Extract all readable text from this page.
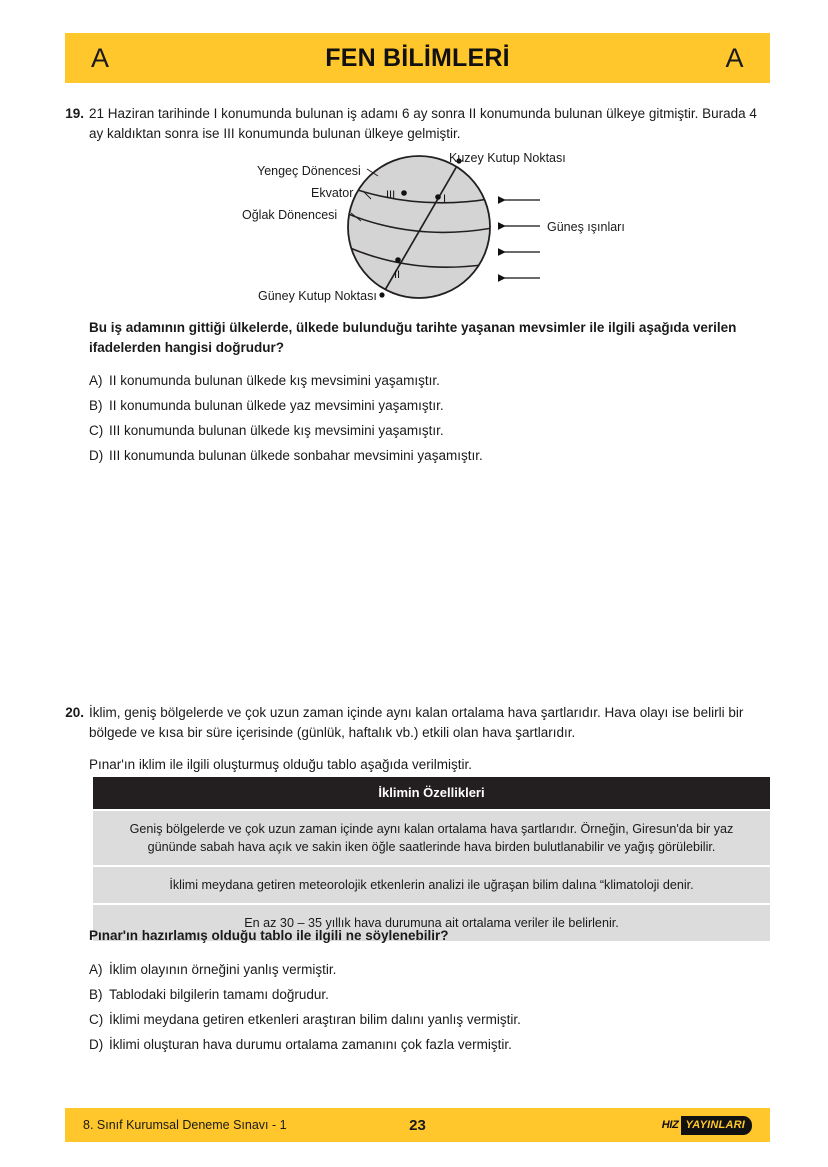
A	FEN BİLİMLERİ	A
19. 21 Haziran tarihinde I konumunda bulunan iş adamı 6 ay sonra II konumunda bulunan ülkeye gitmiştir. Burada 4 ay kaldıktan sonra ise III konumunda bulunan ülkeye gelmiştir.
I
II
III
Yengeç Dönencesi
Ekvator
Oğlak Dönencesi
Kuzey Kutup Noktası
Güney Kutup Noktası
Güneş ışınları
Bu iş adamının gittiği ülkelerde, ülkede bulunduğu tarihte yaşanan mevsimler ile ilgili aşağıda verilen ifadelerden hangisi doğrudur?
A) II konumunda bulunan ülkede kış mevsimini yaşamıştır.
B) II konumunda bulunan ülkede yaz mevsimini yaşamıştır.
C) III konumunda bulunan ülkede kış mevsimini yaşamıştır.
D) III konumunda bulunan ülkede sonbahar mevsimini yaşamıştır.
20. İklim, geniş bölgelerde ve çok uzun zaman içinde aynı kalan ortalama hava şartlarıdır. Hava olayı ise belirli bir bölgede ve kısa bir süre içerisinde (günlük, haftalık vb.) etkili olan hava şartlarıdır.
Pınar'ın iklim ile ilgili oluşturmuş olduğu tablo aşağıda verilmiştir.
İklimin Özellikleri
Geniş bölgelerde ve çok uzun zaman içinde aynı kalan ortalama hava şartlarıdır. Örneğin, Giresun'da bir yaz gününde sabah hava açık ve sakin iken öğle saatlerinde hava birden bulutlanabilir ve yağış görülebilir.
İklimi meydana getiren meteorolojik etkenlerin analizi ile uğraşan bilim dalına “klimatoloji denir.
En az 30 – 35 yıllık hava durumuna ait ortalama veriler ile belirlenir.
Pınar'ın hazırlamış olduğu tablo ile ilgili ne söylenebilir?
A) İklim olayının örneğini yanlış vermiştir.
B) Tablodaki bilgilerin tamamı doğrudur.
C) İklimi meydana getiren etkenleri araştıran bilim dalını yanlış vermiştir.
D) İklimi oluşturan hava durumu ortalama zamanını çok fazla vermiştir.
8. Sınıf Kurumsal Deneme Sınavı - 1	23	HIZ YAYINLARI
